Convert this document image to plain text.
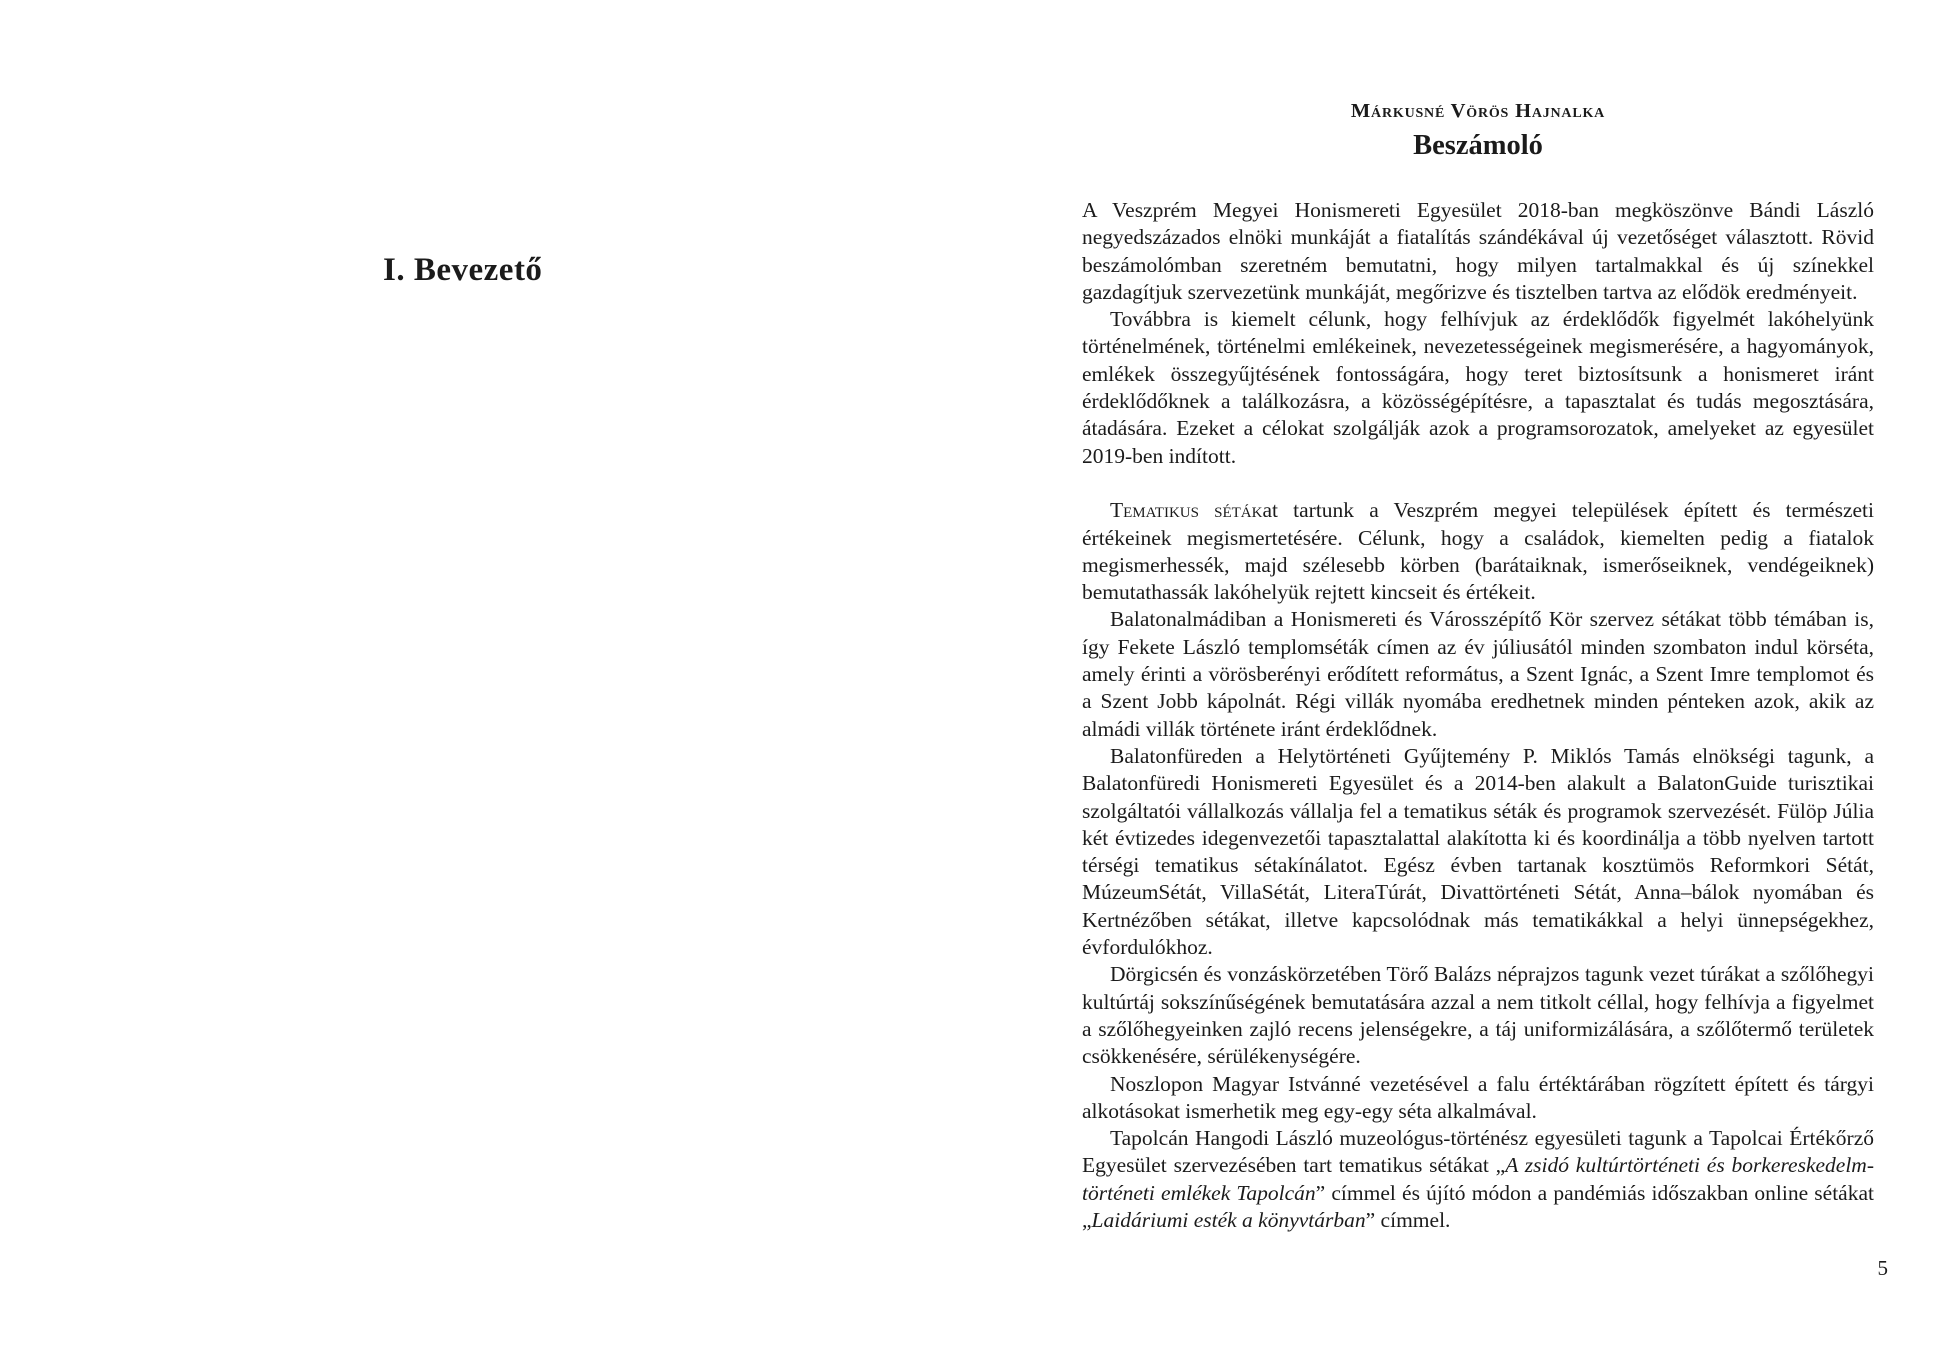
I. Bevezető
Márkusné Vörös Hajnalka
Beszámoló

A Veszprém Megyei Honismereti Egyesület 2018-ban megköszönve Bándi László negyedszázados elnöki munkáját a fiatalítás szándékával új vezetőséget választott. Rövid beszámolómban szeretném bemutatni, hogy milyen tartalmakkal és új színekkel gazdagítjuk szervezetünk munkáját, megőrizve és tisztelben tartva az elődök eredményeit.

Továbbra is kiemelt célunk, hogy felhívjuk az érdeklődők figyelmét lakóhelyünk történelmének, történelmi emlékeinek, nevezetességeinek megismerésére, a hagyományok, emlékek összegyűjtésének fontosságára, hogy teret biztosítsunk a honismeret iránt érdeklődőknek a találkozásra, a közösségépítésre, a tapasztalat és tudás megosztására, átadására. Ezeket a célokat szolgálják azok a programsorozatok, amelyeket az egyesület 2019-ben indított.

Tematikus sétákat tartunk a Veszprém megyei települések épített és természeti értékeinek megismertetésére. Célunk, hogy a családok, kiemelten pedig a fiatalok megismerhessék, majd szélesebb körben (barátaiknak, ismerőseiknek, vendégeiknek) bemutathassák lakóhelyük rejtett kincseit és értékeit.

Balatonalmádiban a Honismereti és Városszépítő Kör szervez sétákat több témában is, így Fekete László templomséták címen az év júliusától minden szombaton indul körséta, amely érinti a vörösberényi erődített református, a Szent Ignác, a Szent Imre templomot és a Szent Jobb kápolnát. Régi villák nyomába eredhetnek minden pénteken azok, akik az almádi villák története iránt érdeklődnek.

Balatonfüreden a Helytörténeti Gyűjtemény P. Miklós Tamás elnökségi tagunk, a Balatonfüredi Honismereti Egyesület és a 2014-ben alakult a BalatonGuide turisztikai szolgáltatói vállalkozás vállalja fel a tematikus séták és programok szervezését. Fülöp Júlia két évtizedes idegenvezetői tapasztalattal alakította ki és koordinálja a több nyelven tartott térségi tematikus sétakínálatot. Egész évben tartanak kosztümös Reformkori Sétát, MúzeumSétát, VillaSétát, LiteraTúrát, Divattörténeti Sétát, Anna–bálok nyomában és Kertnézőben sétákat, illetve kapcsolódnak más tematikákkal a helyi ünnepségekhez, évfordulókhoz.

Dörgicsén és vonzáskörzetében Törő Balázs néprajzos tagunk vezet túrákat a szőlőhegyi kultúrtáj sokszínűségének bemutatására azzal a nem titkolt céllal, hogy felhívja a figyelmet a szőlőhegyeinken zajló recens jelenségekre, a táj uniformizálására, a szőlőtermő területek csökkenésére, sérülékenységére.

Noszlopon Magyar Istvánné vezetésével a falu értéktárában rögzített épített és tárgyi alkotásokat ismerhetik meg egy-egy séta alkalmával.

Tapolcán Hangodi László muzeológus-történész egyesületi tagunk a Tapolcai Értékőrző Egyesület szervezésében tart tematikus sétákat „A zsidó kultúrtörténeti és borkereskedelm-történeti emlékek Tapolcán” címmel és újító módon a pandémiás időszakban online sétákat „Laidáriumi esték a könyvtárban” címmel.

5
